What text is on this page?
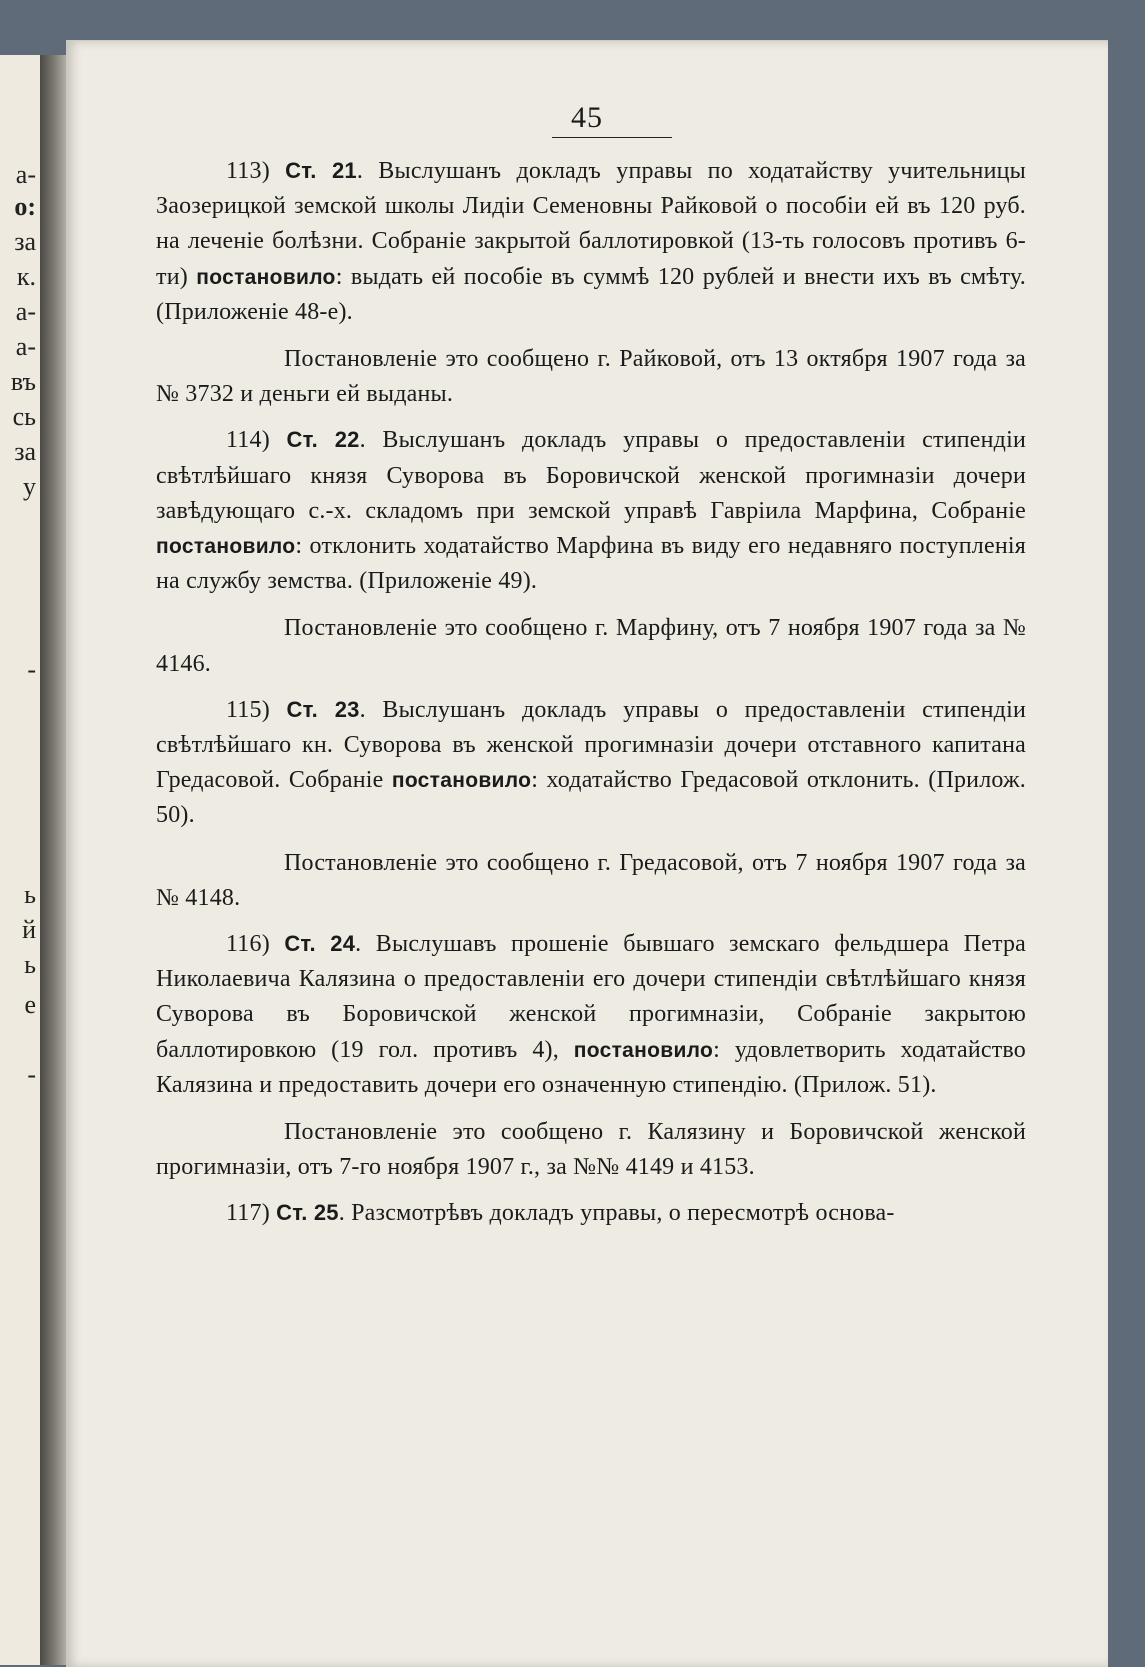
а-
о:
за
к.
а-
а-
въ
сь
за
у
-
ь
й
ь
е
-
45

113) Ст. 21. Выслушанъ докладъ управы по ходатайству учительницы Заозерицкой земской школы Лидіи Семеновны Райковой о пособіи ей въ 120 руб. на леченіе болѣзни. Собраніе закрытой баллотировкой (13-ть голосовъ противъ 6-ти) постановило: выдать ей пособіе въ суммѣ 120 рублей и внести ихъ въ смѣту. (Приложеніе 48-е).

Постановленіе это сообщено г. Райковой, отъ 13 октября 1907 года за № 3732 и деньги ей выданы.

114) Ст. 22. Выслушанъ докладъ управы о предоставленіи стипендіи свѣтлѣйшаго князя Суворова въ Боровичской женской прогимназіи дочери завѣдующаго с.-х. складомъ при земской управѣ Гавріила Марфина, Собраніе постановило: отклонить ходатайство Марфина въ виду его недавняго поступленія на службу земства. (Приложеніе 49).

Постановленіе это сообщено г. Марфину, отъ 7 ноября 1907 года за № 4146.

115) Ст. 23. Выслушанъ докладъ управы о предоставленіи стипендіи свѣтлѣйшаго кн. Суворова въ женской прогимназіи дочери отставного капитана Гредасовой. Собраніе постановило: ходатайство Гредасовой отклонить. (Прилож. 50).

Постановленіе это сообщено г. Гредасовой, отъ 7 ноября 1907 года за № 4148.

116) Ст. 24. Выслушавъ прошеніе бывшаго земскаго фельдшера Петра Николаевича Калязина о предоставленіи его дочери стипендіи свѣтлѣйшаго князя Суворова въ Боровичской женской прогимназіи, Собраніе закрытою баллотировкою (19 гол. противъ 4), постановило: удовлетворить ходатайство Калязина и предоставить дочери его означенную стипендію. (Прилож. 51).

Постановленіе это сообщено г. Калязину и Боровичской женской прогимназіи, отъ 7-го ноября 1907 г., за №№ 4149 и 4153.

117) Ст. 25. Разсмотрѣвъ докладъ управы, о пересмотрѣ основа-
